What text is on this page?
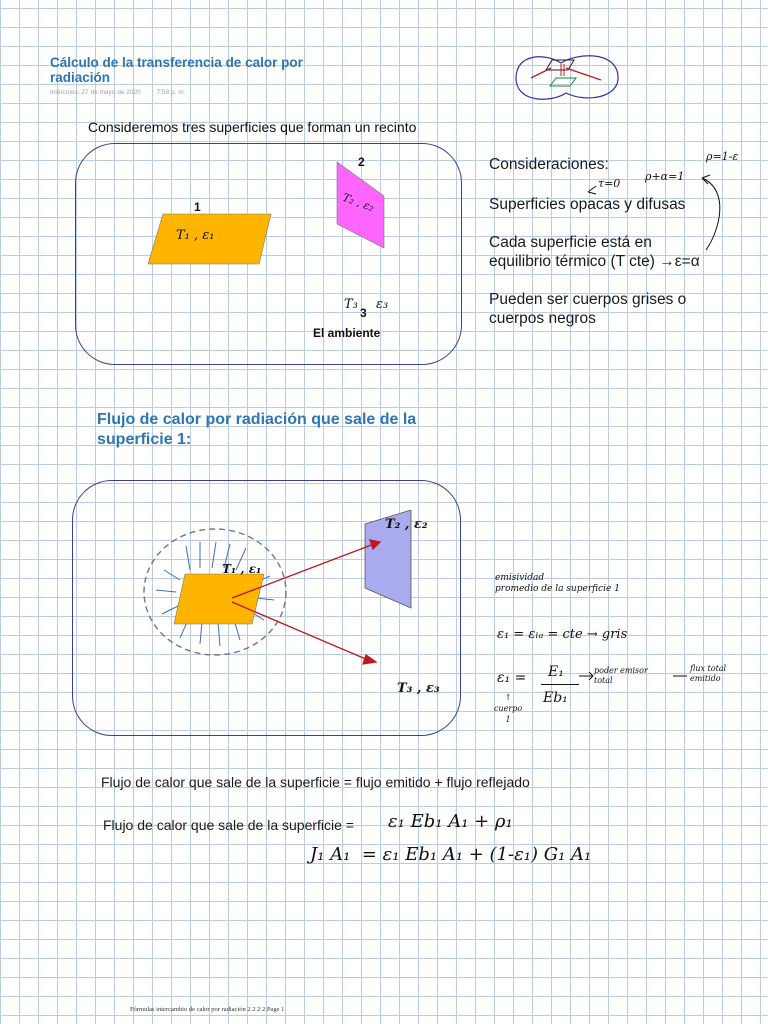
Cálculo de la transferencia de calor por radiación
miércoles, 27 de mayo de 2020 7:58 p. m.
Consideremos tres superficies que forman un recinto
1
T₁ , ε₁
2
T₂ , ε₂
T₃
3
ε₃
El ambiente

Consideraciones:

Superficies opacas y difusas

Cada superficie está en
equilibrio térmico (T cte) →ε=α

Pueden ser cuerpos grises o
cuerpos negros

τ=0
ρ+α=1
ρ=1-ε
Flujo de calor por radiación que sale de la superficie 1:
T₁ , ε₁
T₂ , ε₂
T₃ , ε₃
emisividad
promedio de la superficie 1
ε₁ = εₗₐ = cte → gris
ε₁ = E₁
Eb₁
poder emisor
total
flux total
emitido
↑
cuerpo
1
Flujo de calor que sale de la superficie = flujo emitido + flujo reflejado
Flujo de calor que sale de la superficie = ε₁ Eb₁ A₁ + ρ₁
J₁ A₁  = ε₁ Eb₁ A₁ + (1-ε₁) G₁ A₁
Fórmulas intercambio de calor por radiación 2 2 2 2 Page 1
